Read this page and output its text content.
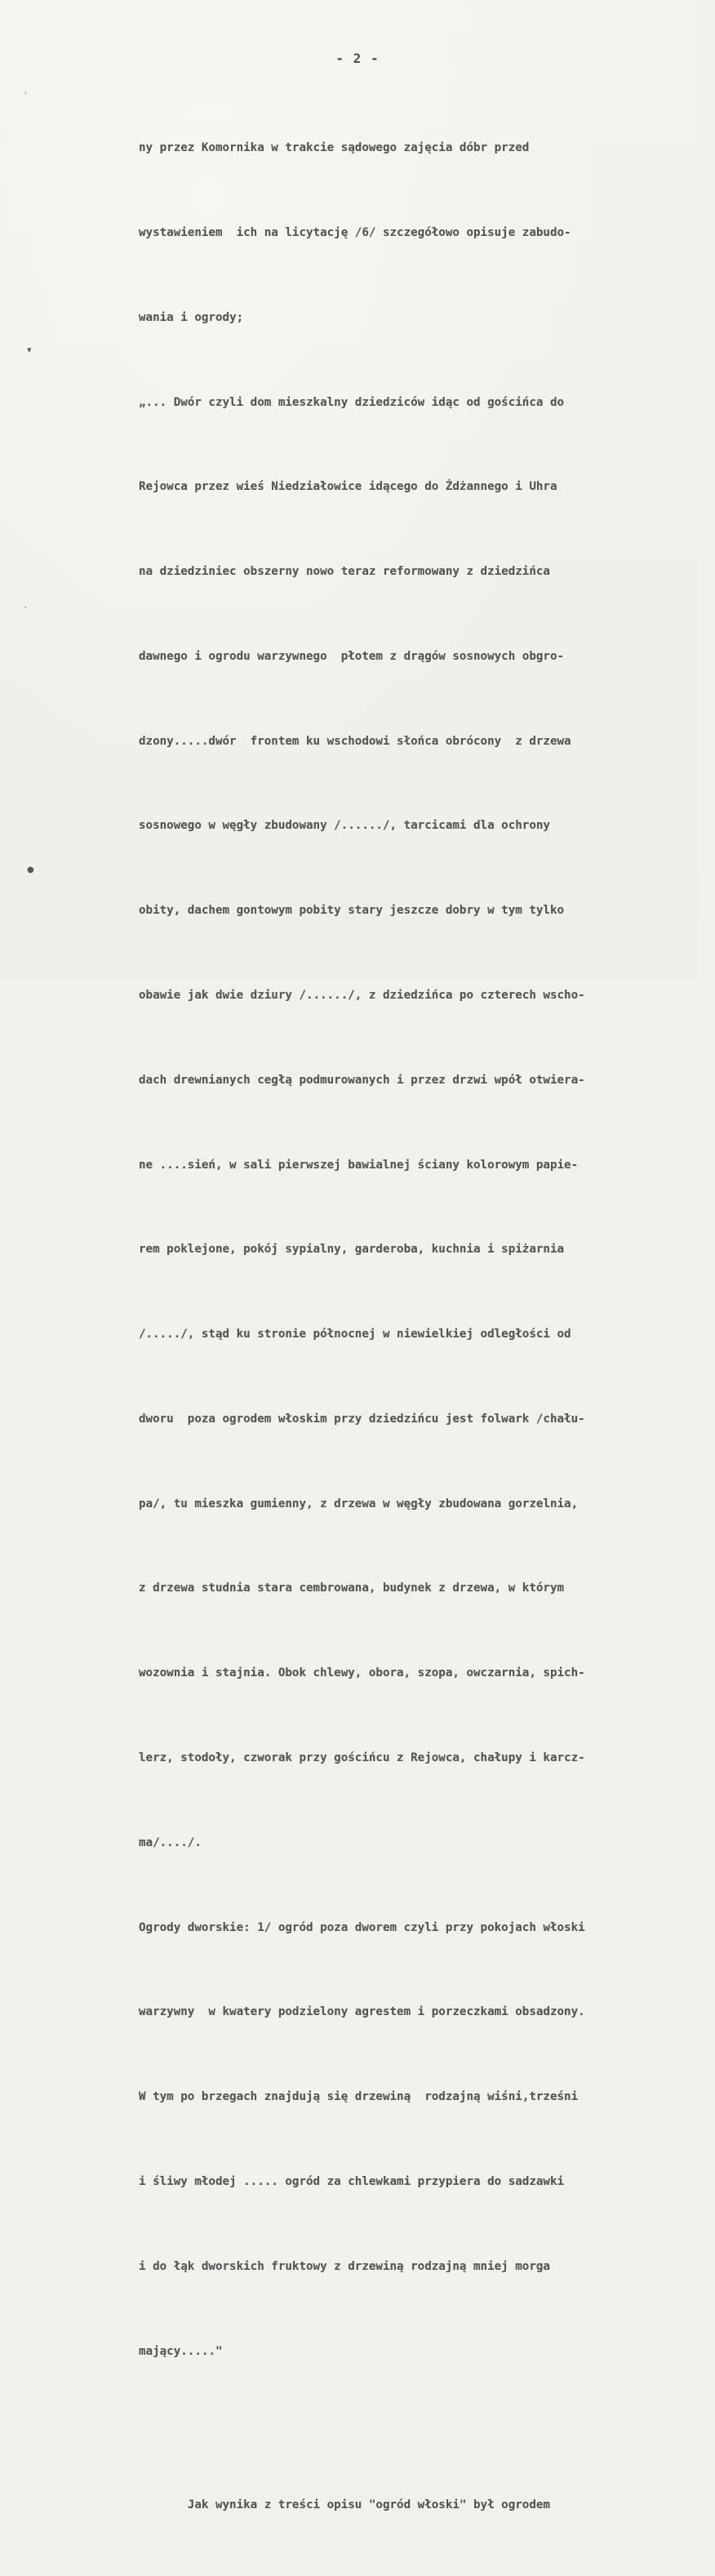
- 2 -

ny przez Komornika w trakcie sądowego zajęcia dóbr przed

wystawieniem  ich na licytację /6/ szczegółowo opisuje zabudo-

wania i ogrody;

„... Dwór czyli dom mieszkalny dziedziców idąc od gościńca do

Rejowca przez wieś Niedziałowice idącego do Żdżannego i Uhra

na dziedziniec obszerny nowo teraz reformowany z dziedzińca

dawnego i ogrodu warzywnego  płotem z drągów sosnowych obgro-

dzony.....dwór  frontem ku wschodowi słońca obrócony  z drzewa

sosnowego w węgły zbudowany /....../, tarcicami dla ochrony

obity, dachem gontowym pobity stary jeszcze dobry w tym tylko

obawie jak dwie dziury /....../, z dziedzińca po czterech wscho-

dach drewnianych cegłą podmurowanych i przez drzwi wpół otwiera-

ne ....sień, w sali pierwszej bawialnej ściany kolorowym papie-

rem poklejone, pokój sypialny, garderoba, kuchnia i spiżarnia

/...../, stąd ku stronie północnej w niewielkiej odległości od

dworu  poza ogrodem włoskim przy dziedzińcu jest folwark /chału-

pa/, tu mieszka gumienny, z drzewa w węgły zbudowana gorzelnia,

z drzewa studnia stara cembrowana, budynek z drzewa, w którym

wozownia i stajnia. Obok chlewy, obora, szopa, owczarnia, spich-

lerz, stodoły, czworak przy gościńcu z Rejowca, chałupy i karcz-

ma/..../.

Ogrody dworskie: 1/ ogród poza dworem czyli przy pokojach włoski

warzywny  w kwatery podzielony agrestem i porzeczkami obsadzony.

W tym po brzegach znajdują się drzewiną  rodzajną wiśni,trześni

i śliwy młodej ..... ogród za chlewkami przypiera do sadzawki

i do łąk dworskich fruktowy z drzewiną rodzajną mniej morga

mający....."

Jak wynika z treści opisu "ogród włoski" był ogrodem

‘
▾
‘
●
